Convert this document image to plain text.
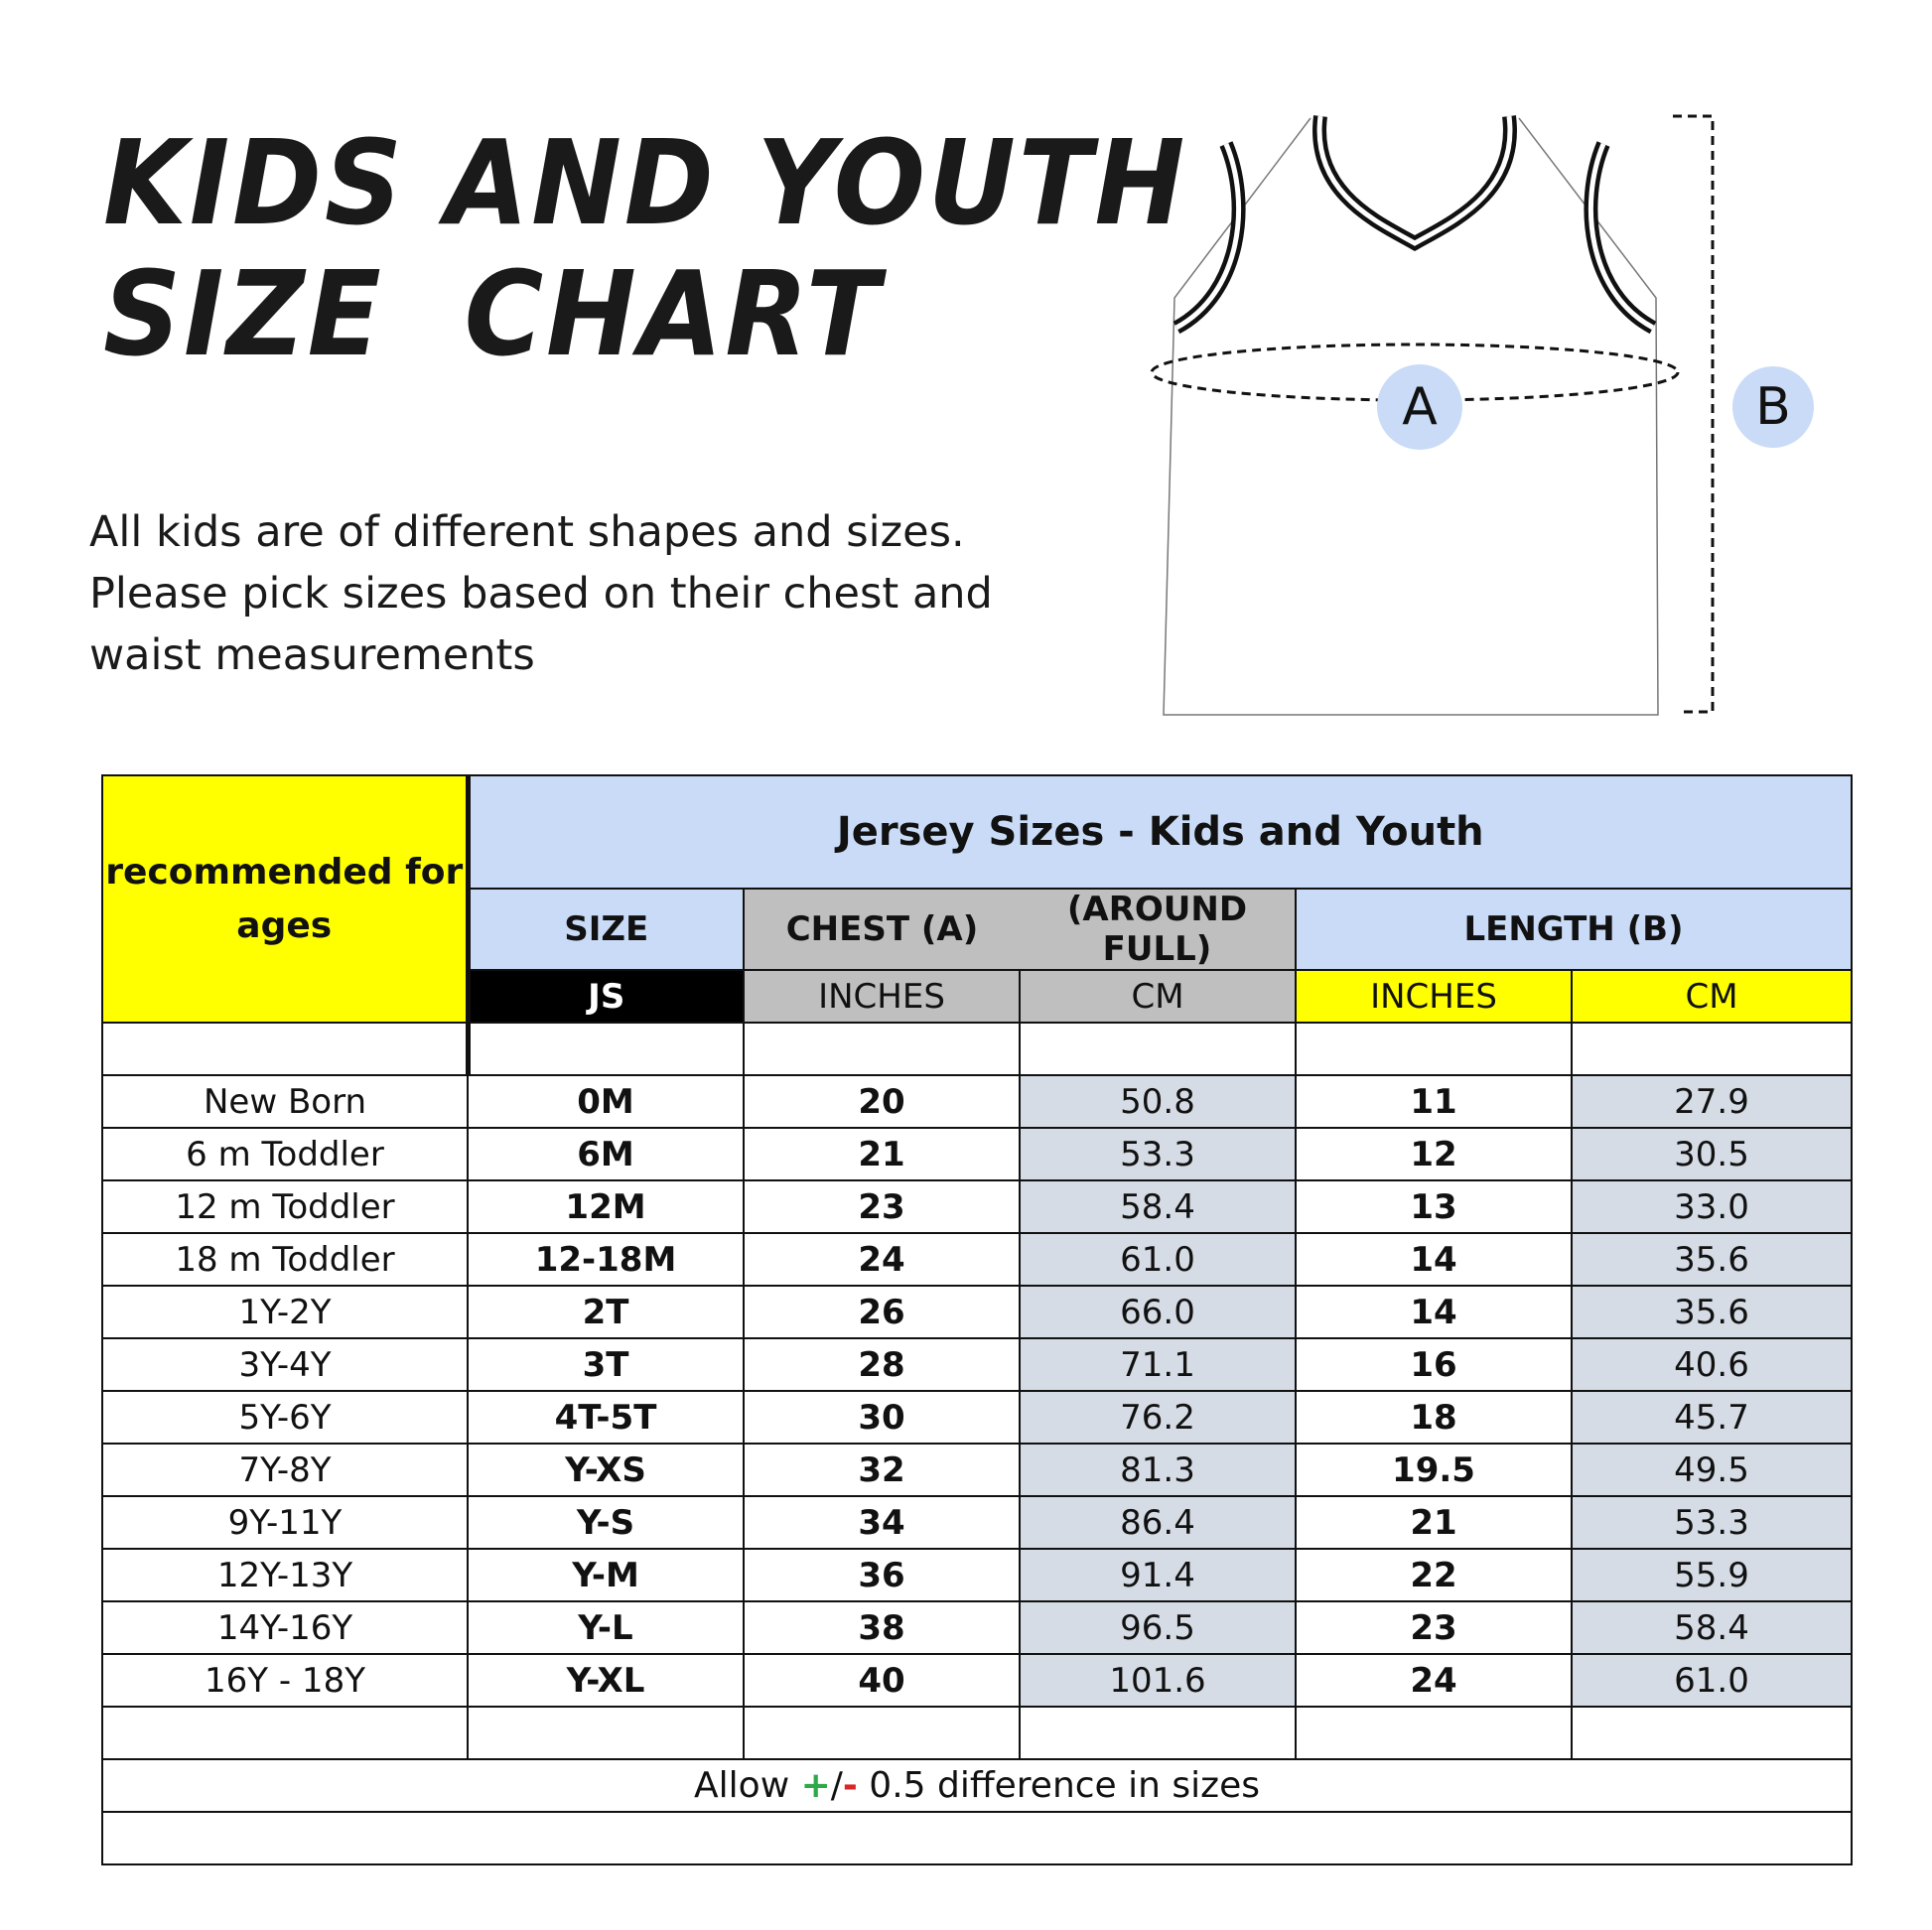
KIDS AND YOUTH
SIZE  CHART
All kids are of different shapes and sizes.
Please pick sizes based on their chest and
waist measurements
A	B
recommended for ages	Jersey Sizes - Kids and Youth				
	SIZE	CHEST (A)	(AROUND FULL)	LENGTH (B)	
	JS	INCHES	CM	INCHES	CM

New Born	0M	20	50.8	11	27.9
6 m Toddler	6M	21	53.3	12	30.5
12 m Toddler	12M	23	58.4	13	33.0
18 m Toddler	12-18M	24	61.0	14	35.6
1Y-2Y	2T	26	66.0	14	35.6
3Y-4Y	3T	28	71.1	16	40.6
5Y-6Y	4T-5T	30	76.2	18	45.7
7Y-8Y	Y-XS	32	81.3	19.5	49.5
9Y-11Y	Y-S	34	86.4	21	53.3
12Y-13Y	Y-M	36	91.4	22	55.9
14Y-16Y	Y-L	38	96.5	23	58.4
16Y - 18Y	Y-XL	40	101.6	24	61.0

Allow +/- 0.5 difference in sizes					
